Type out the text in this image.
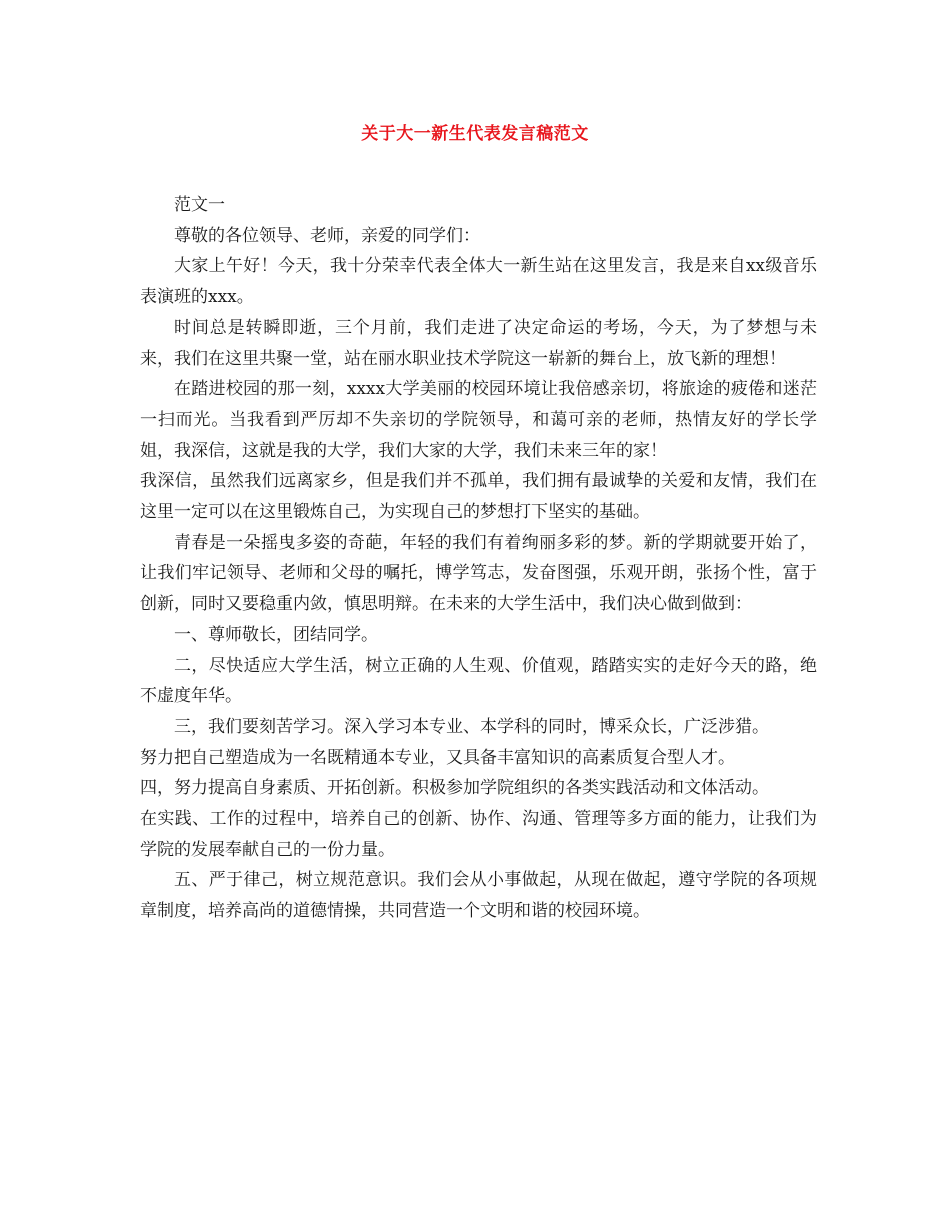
关于大一新生代表发言稿范文

范文一

尊敬的各位领导、老师，亲爱的同学们：

大家上午好！今天，我十分荣幸代表全体大一新生站在这里发言，我是来自xx级音乐表演班的xxx。

时间总是转瞬即逝，三个月前，我们走进了决定命运的考场，今天，为了梦想与未来，我们在这里共聚一堂，站在丽水职业技术学院这一崭新的舞台上，放飞新的理想！

在踏进校园的那一刻，xxxx大学美丽的校园环境让我倍感亲切，将旅途的疲倦和迷茫一扫而光。当我看到严厉却不失亲切的学院领导，和蔼可亲的老师，热情友好的学长学姐，我深信，这就是我的大学，我们大家的大学，我们未来三年的家！

我深信，虽然我们远离家乡，但是我们并不孤单，我们拥有最诚挚的关爱和友情，我们在这里一定可以在这里锻炼自己，为实现自己的梦想打下坚实的基础。

青春是一朵摇曳多姿的奇葩，年轻的我们有着绚丽多彩的梦。新的学期就要开始了，让我们牢记领导、老师和父母的嘱托，博学笃志，发奋图强，乐观开朗，张扬个性，富于创新，同时又要稳重内敛，慎思明辩。在未来的大学生活中，我们决心做到做到：

一、尊师敬长，团结同学。

二，尽快适应大学生活，树立正确的人生观、价值观，踏踏实实的走好今天的路，绝不虚度年华。

三，我们要刻苦学习。深入学习本专业、本学科的同时，博采众长，广泛涉猎。

努力把自己塑造成为一名既精通本专业，又具备丰富知识的高素质复合型人才。

四，努力提高自身素质、开拓创新。积极参加学院组织的各类实践活动和文体活动。

在实践、工作的过程中，培养自己的创新、协作、沟通、管理等多方面的能力，让我们为学院的发展奉献自己的一份力量。

五、严于律己，树立规范意识。我们会从小事做起，从现在做起，遵守学院的各项规章制度，培养高尚的道德情操，共同营造一个文明和谐的校园环境。
